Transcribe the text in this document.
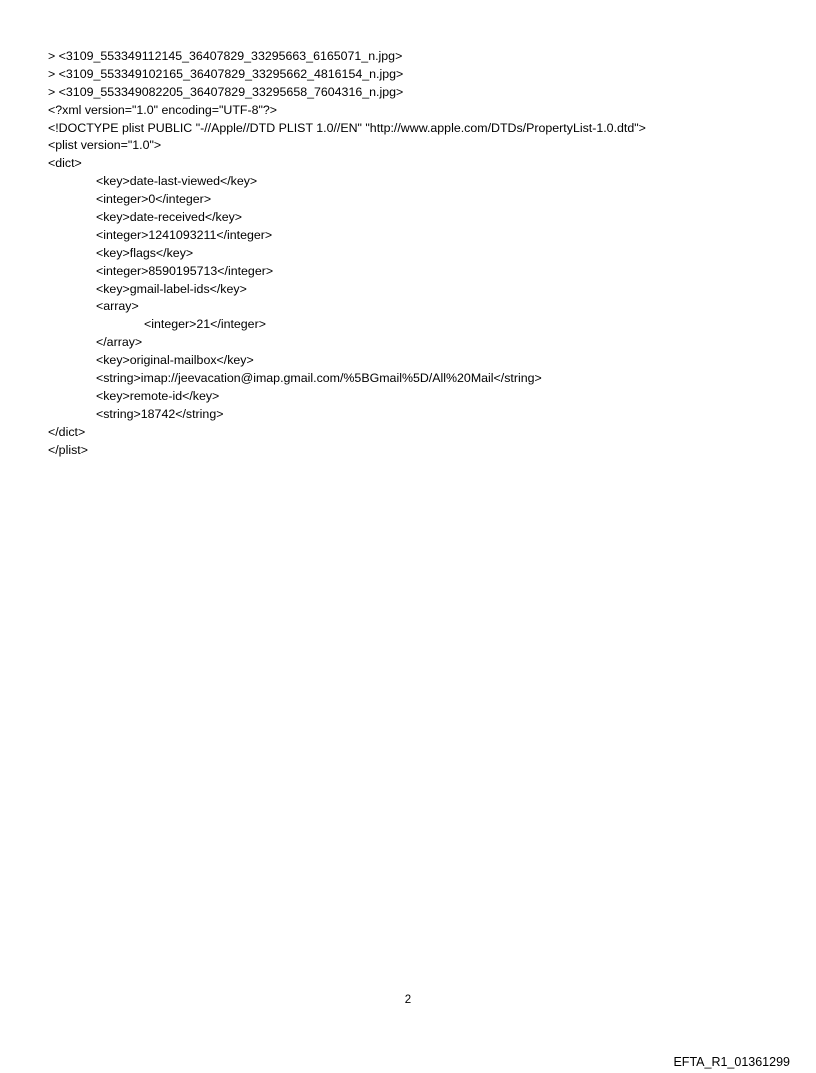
> <3109_553349112145_36407829_33295663_6165071_n.jpg>

> <3109_553349102165_36407829_33295662_4816154_n.jpg>

> <3109_553349082205_36407829_33295658_7604316_n.jpg>

<?xml version="1.0" encoding="UTF-8"?>

<!DOCTYPE plist PUBLIC "-//Apple//DTD PLIST 1.0//EN" "http://www.apple.com/DTDs/PropertyList-1.0.dtd">

<plist version="1.0">

<dict>

<key>date-last-viewed</key>

<integer>0</integer>

<key>date-received</key>

<integer>1241093211</integer>

<key>flags</key>

<integer>8590195713</integer>

<key>gmail-label-ids</key>

<array>

<integer>21</integer>

</array>

<key>original-mailbox</key>

<string>imap://jeevacation@imap.gmail.com/%5BGmail%5D/All%20Mail</string>

<key>remote-id</key>

<string>18742</string>

</dict>

</plist>

2
EFTA_R1_01361299
